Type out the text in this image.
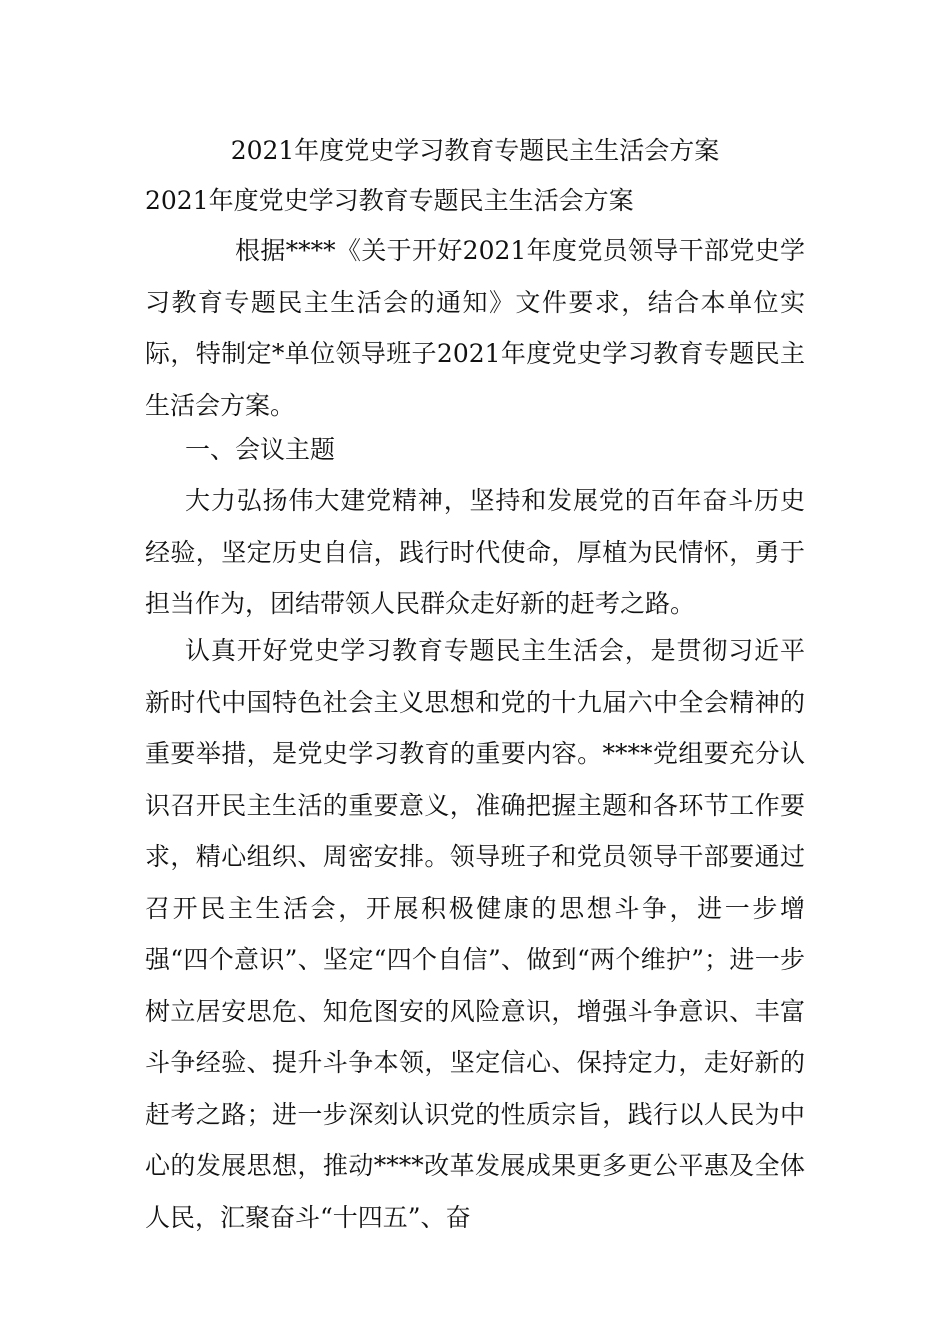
2021年度党史学习教育专题民主生活会方案
2021年度党史学习教育专题民主生活会方案

根据****《关于开好2021年度党员领导干部党史学习教育专题民主生活会的通知》文件要求，结合本单位实际，特制定*单位领导班子2021年度党史学习教育专题民主生活会方案。

一、会议主题

大力弘扬伟大建党精神，坚持和发展党的百年奋斗历史经验，坚定历史自信，践行时代使命，厚植为民情怀，勇于担当作为，团结带领人民群众走好新的赶考之路。

认真开好党史学习教育专题民主生活会，是贯彻习近平新时代中国特色社会主义思想和党的十九届六中全会精神的重要举措，是党史学习教育的重要内容。****党组要充分认识召开民主生活的重要意义，准确把握主题和各环节工作要求，精心组织、周密安排。领导班子和党员领导干部要通过召开民主生活会，开展积极健康的思想斗争，进一步增强“四个意识”、坚定“四个自信”、做到“两个维护”；进一步树立居安思危、知危图安的风险意识，增强斗争意识、丰富斗争经验、提升斗争本领，坚定信心、保持定力，走好新的赶考之路；进一步深刻认识党的性质宗旨，践行以人民为中心的发展思想，推动****改革发展成果更多更公平惠及全体人民，汇聚奋斗“十四五”、奋
